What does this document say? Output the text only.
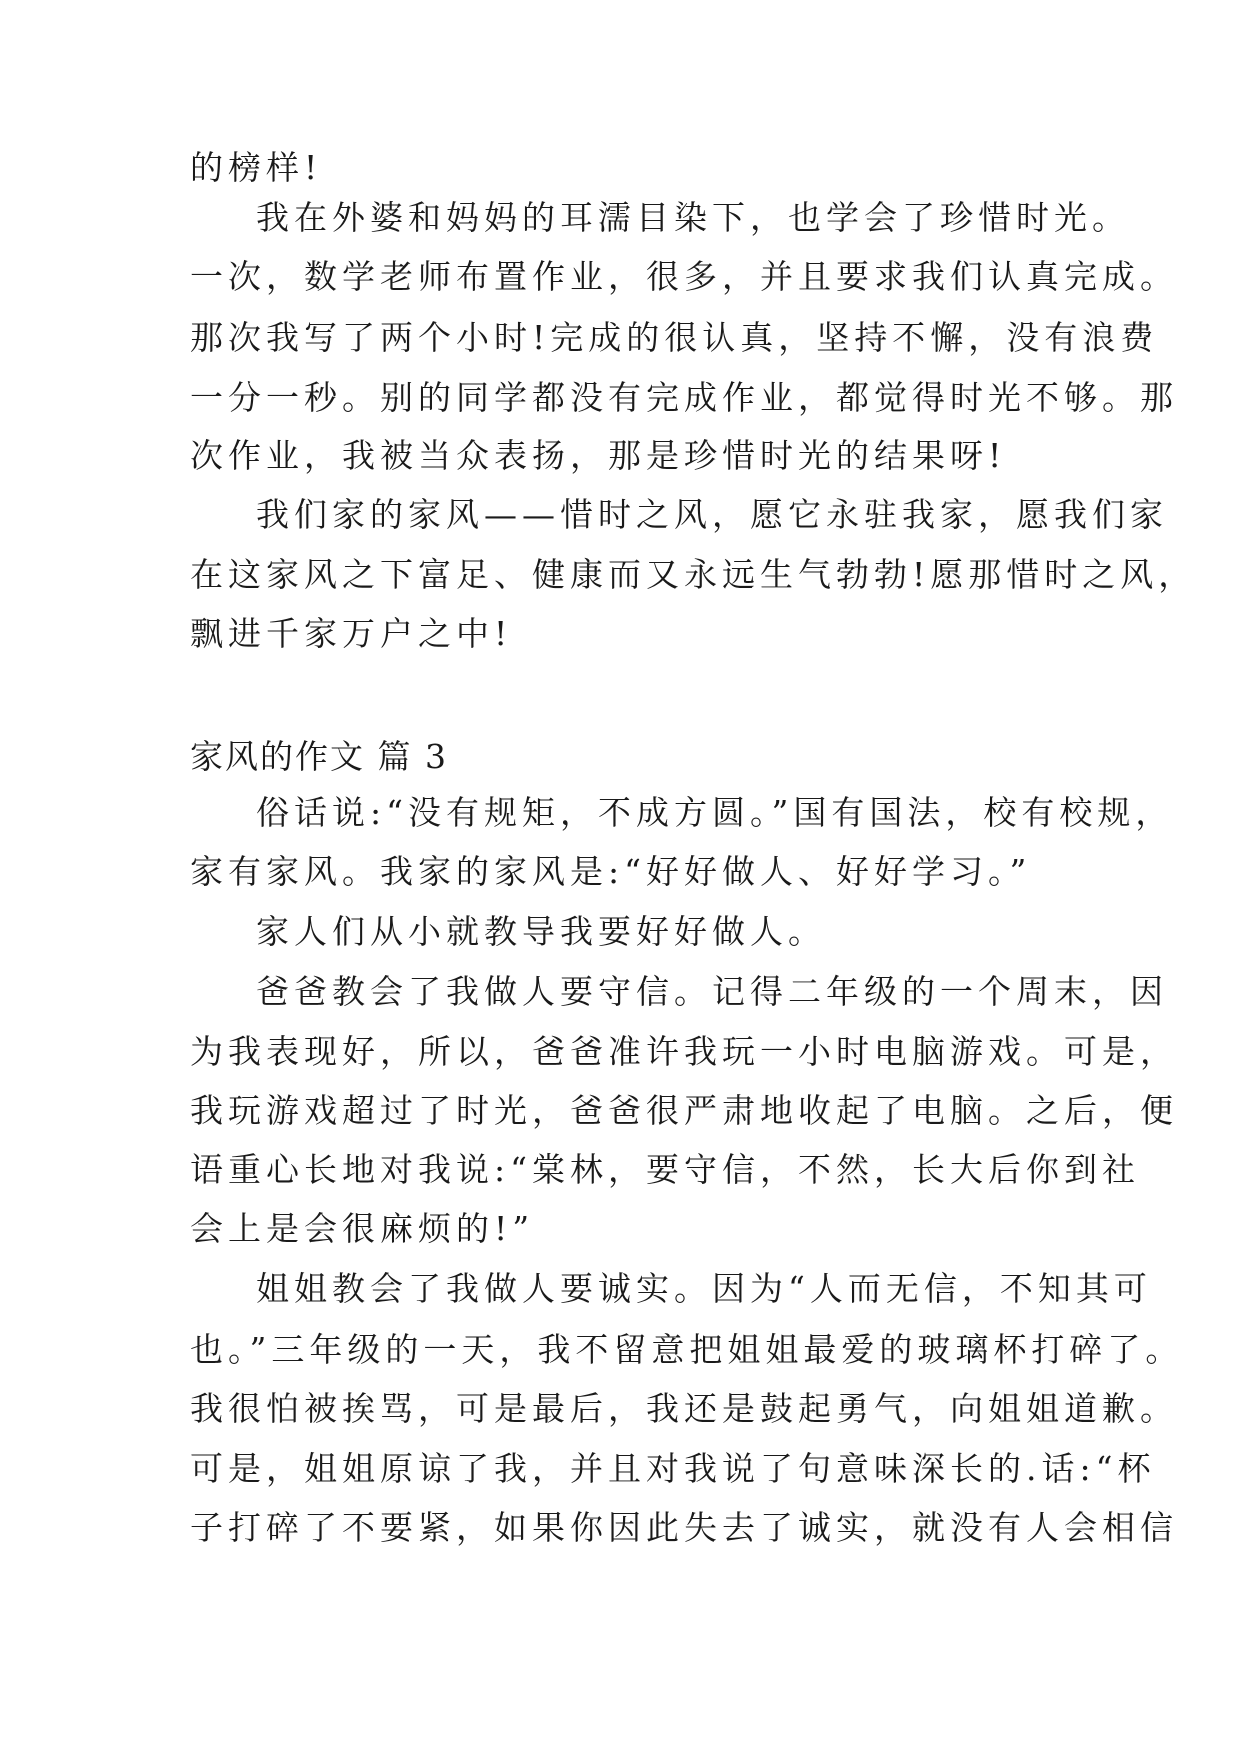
的榜样!

我在外婆和妈妈的耳濡目染下，也学会了珍惜时光。

一次，数学老师布置作业，很多，并且要求我们认真完成。

那次我写了两个小时!完成的很认真，坚持不懈，没有浪费

一分一秒。别的同学都没有完成作业，都觉得时光不够。那

次作业，我被当众表扬，那是珍惜时光的结果呀!

我们家的家风——惜时之风，愿它永驻我家，愿我们家

在这家风之下富足、健康而又永远生气勃勃!愿那惜时之风，

飘进千家万户之中!

家风的作文 篇 3

俗话说:“没有规矩，不成方圆。”国有国法，校有校规，

家有家风。我家的家风是:“好好做人、好好学习。”

家人们从小就教导我要好好做人。

爸爸教会了我做人要守信。记得二年级的一个周末，因

为我表现好，所以，爸爸准许我玩一小时电脑游戏。可是，

我玩游戏超过了时光，爸爸很严肃地收起了电脑。之后，便

语重心长地对我说:“棠林，要守信，不然，长大后你到社

会上是会很麻烦的!”

姐姐教会了我做人要诚实。因为“人而无信，不知其可

也。”三年级的一天，我不留意把姐姐最爱的玻璃杯打碎了。

我很怕被挨骂，可是最后，我还是鼓起勇气，向姐姐道歉。

可是，姐姐原谅了我，并且对我说了句意味深长的.话:“杯

子打碎了不要紧，如果你因此失去了诚实，就没有人会相信
